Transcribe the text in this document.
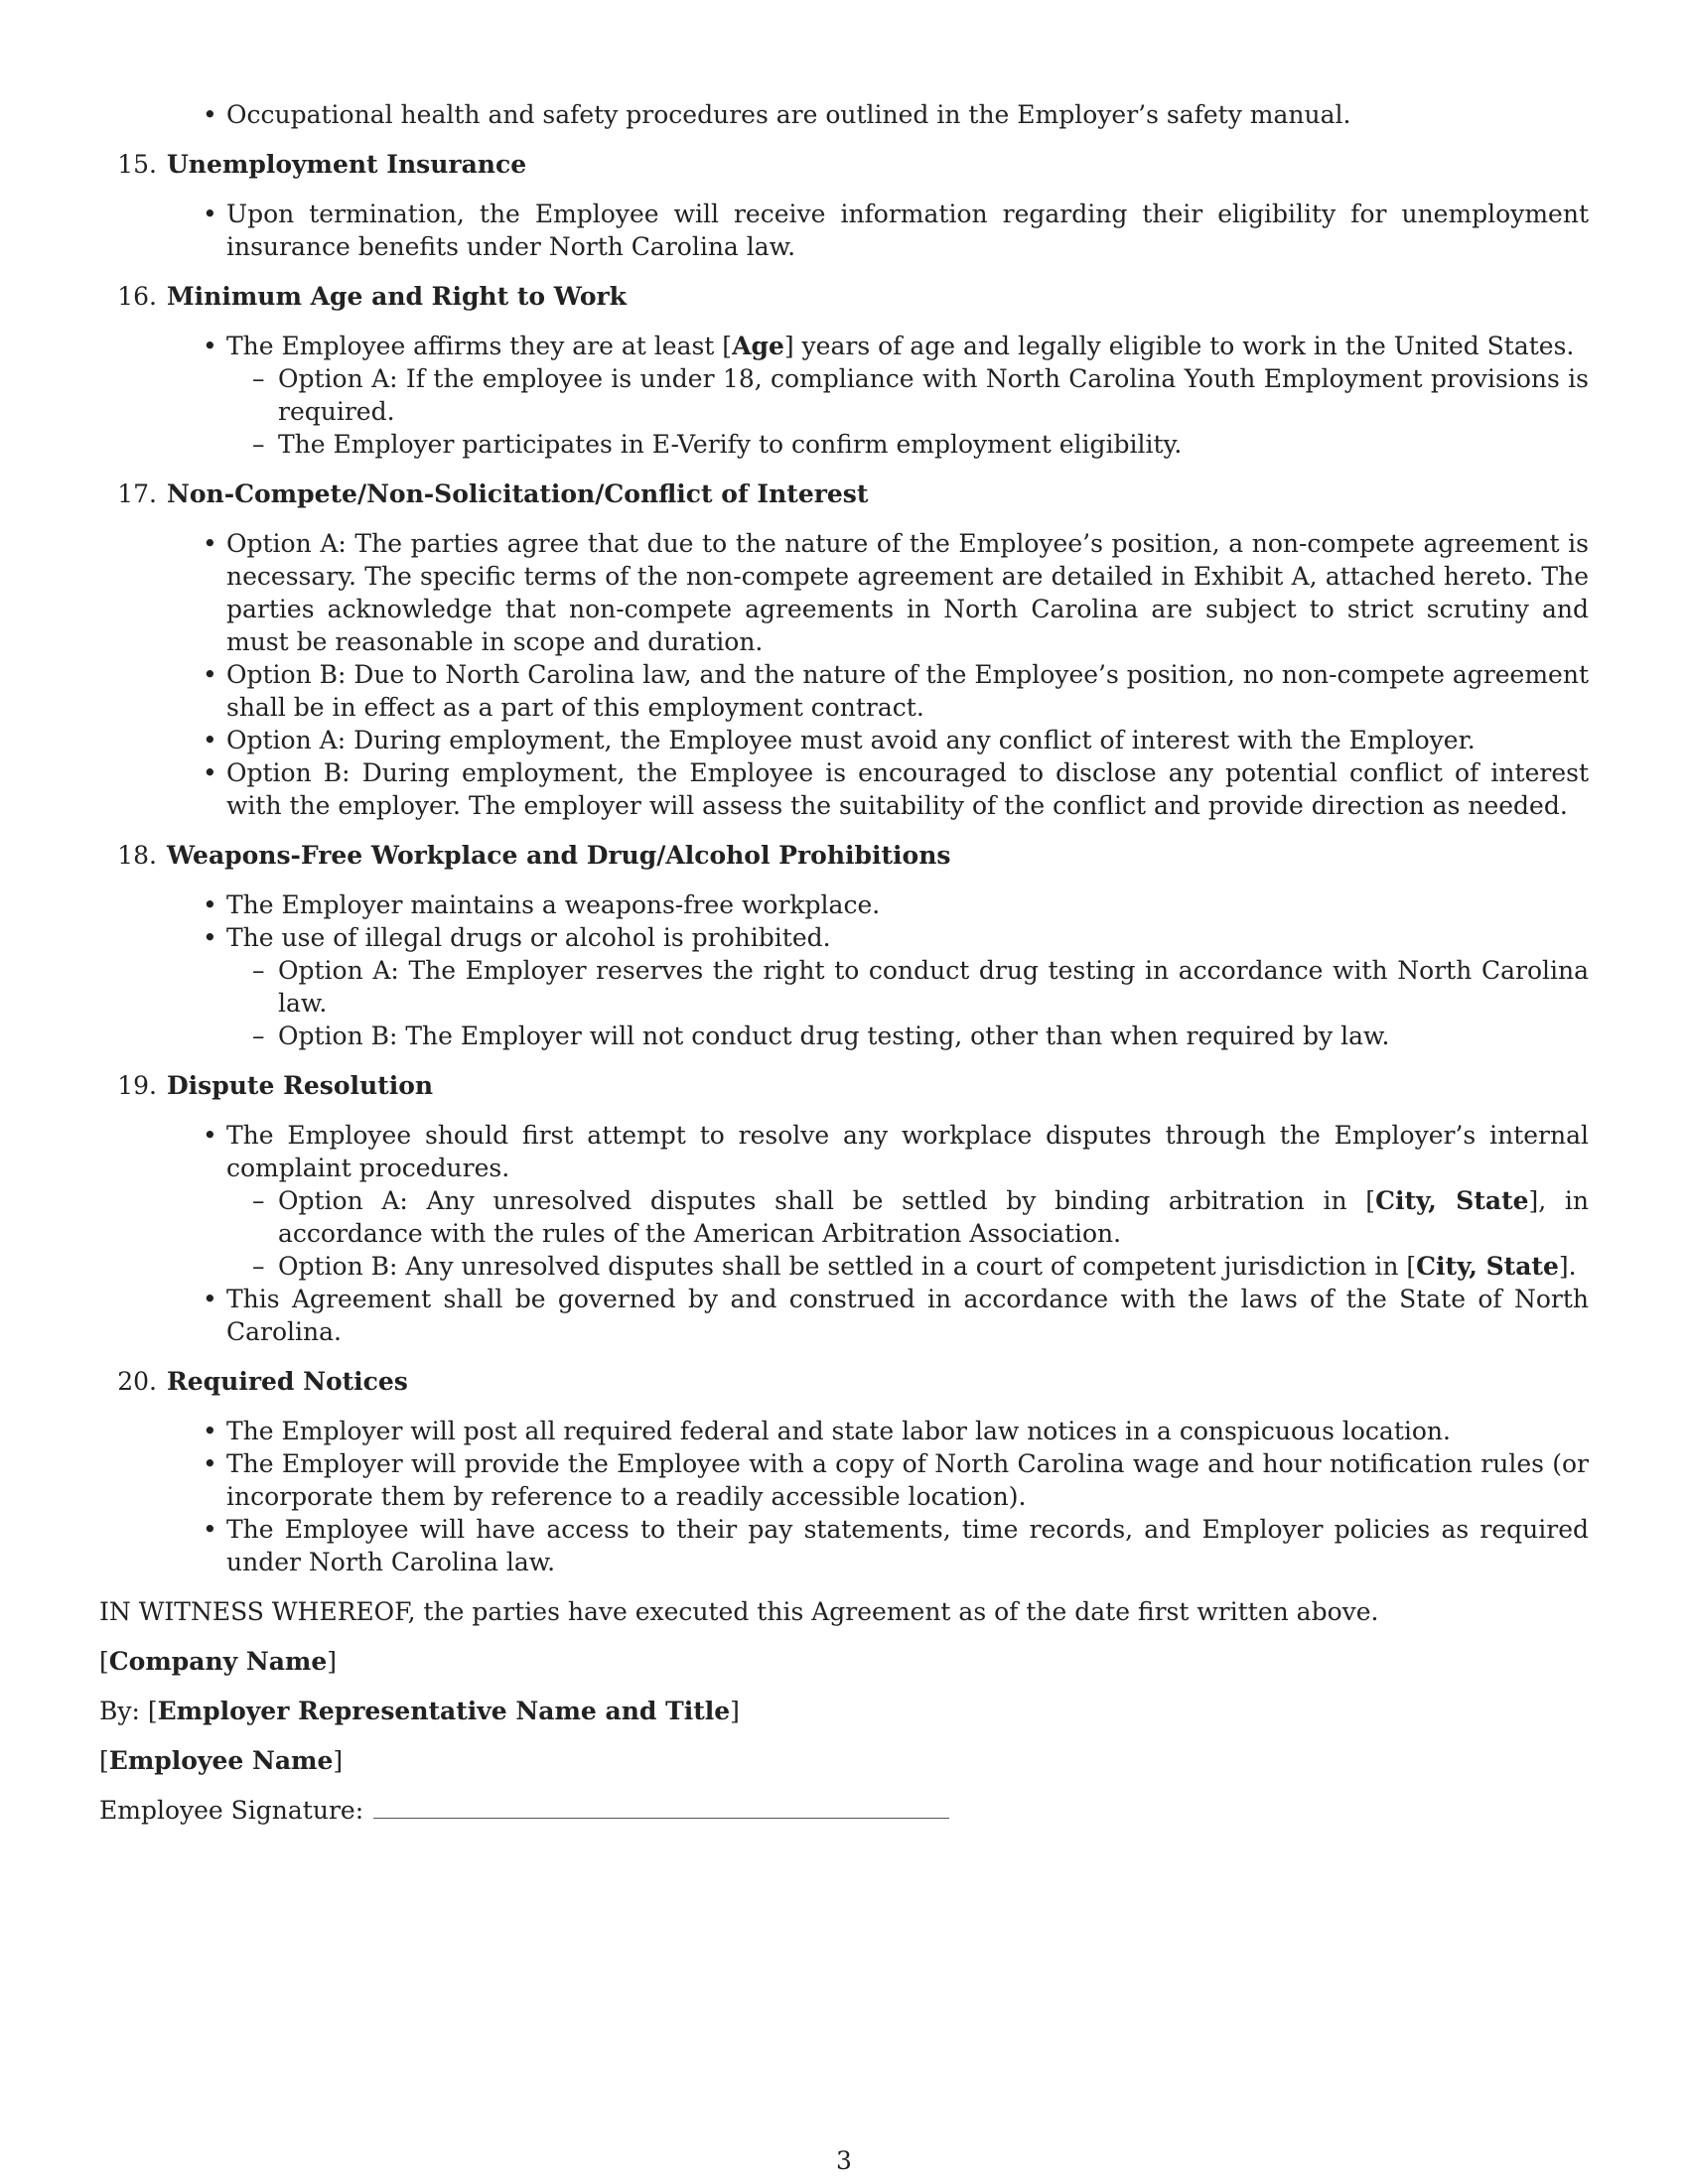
• Occupational health and safety procedures are outlined in the Employer’s safety manual.
15. Unemployment Insurance
• Upon termination, the Employee will receive information regarding their eligibility for unemployment insurance benefits under North Carolina law.
16. Minimum Age and Right to Work
• The Employee affirms they are at least [Age] years of age and legally eligible to work in the United States.
– Option A: If the employee is under 18, compliance with North Carolina Youth Employment provisions is required.
– The Employer participates in E-Verify to confirm employment eligibility.
17. Non-Compete/Non-Solicitation/Conflict of Interest
• Option A: The parties agree that due to the nature of the Employee’s position, a non-compete agreement is necessary. The specific terms of the non-compete agreement are detailed in Exhibit A, attached hereto. The parties acknowledge that non-compete agreements in North Carolina are subject to strict scrutiny and must be reasonable in scope and duration.
• Option B: Due to North Carolina law, and the nature of the Employee’s position, no non-compete agreement shall be in effect as a part of this employment contract.
• Option A: During employment, the Employee must avoid any conflict of interest with the Employer.
• Option B: During employment, the Employee is encouraged to disclose any potential conflict of interest with the employer. The employer will assess the suitability of the conflict and provide direction as needed.
18. Weapons-Free Workplace and Drug/Alcohol Prohibitions
• The Employer maintains a weapons-free workplace.
• The use of illegal drugs or alcohol is prohibited.
– Option A: The Employer reserves the right to conduct drug testing in accordance with North Carolina law.
– Option B: The Employer will not conduct drug testing, other than when required by law.
19. Dispute Resolution
• The Employee should first attempt to resolve any workplace disputes through the Employer’s internal complaint procedures.
– Option A: Any unresolved disputes shall be settled by binding arbitration in [City, State], in accordance with the rules of the American Arbitration Association.
– Option B: Any unresolved disputes shall be settled in a court of competent jurisdiction in [City, State].
• This Agreement shall be governed by and construed in accordance with the laws of the State of North Carolina.
20. Required Notices
• The Employer will post all required federal and state labor law notices in a conspicuous location.
• The Employer will provide the Employee with a copy of North Carolina wage and hour notification rules (or incorporate them by reference to a readily accessible location).
• The Employee will have access to their pay statements, time records, and Employer policies as required under North Carolina law.

IN WITNESS WHEREOF, the parties have executed this Agreement as of the date first written above.

[Company Name]

By: [Employer Representative Name and Title]

[Employee Name]

Employee Signature:

3
